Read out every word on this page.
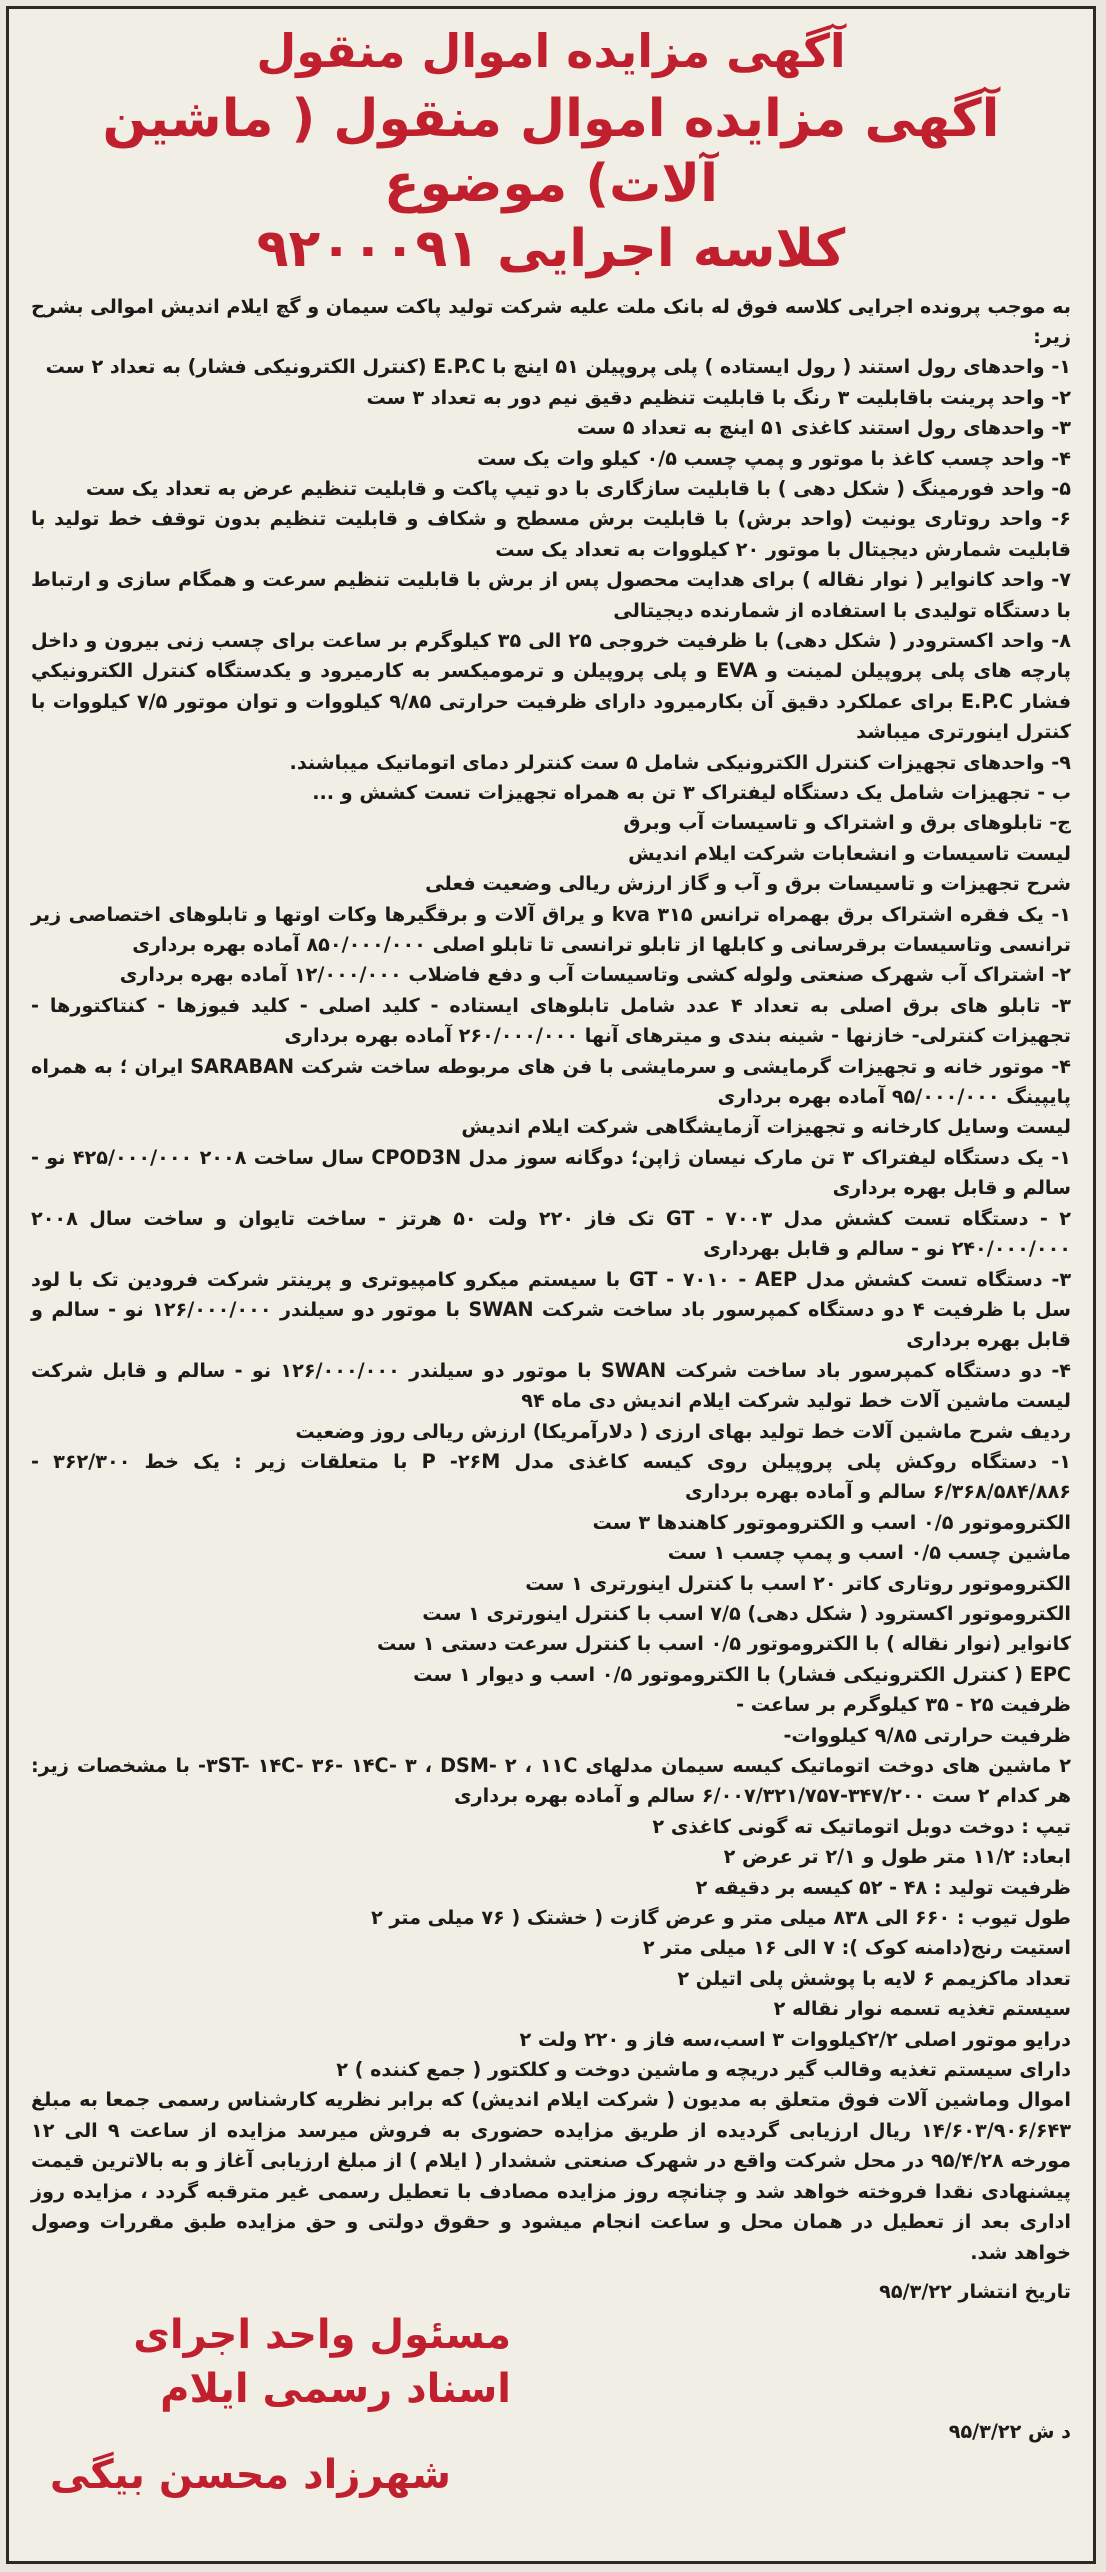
آگهی مزایده اموال منقول
آگهی مزایده اموال منقول ( ماشین آلات) موضوع
کلاسه اجرایی ۹۲۰۰۰۹۱

به موجب پرونده اجرایی کلاسه فوق له بانک ملت علیه شرکت تولید پاکت سیمان و گچ ایلام اندیش اموالی بشرح زیر:

۱- واحدهای رول استند ( رول ایستاده ) پلی پروپیلن ۵۱ اینچ با E.P.C (کنترل الکترونیکی فشار) به تعداد ۲ ست

۲- واحد پرینت باقابلیت ۳ رنگ با قابلیت تنظیم دقیق نیم دور به تعداد ۳ ست

۳- واحدهای رول استند کاغذی ۵۱ اینچ به تعداد ۵ ست

۴- واحد چسب کاغذ با موتور و پمپ چسب ۰/۵ کیلو وات یک ست

۵- واحد فورمینگ ( شکل دهی ) با قابلیت سازگاری با دو تیپ پاکت و قابلیت تنظیم عرض به تعداد یک ست

۶- واحد روتاری یونیت (واحد برش) با قابلیت برش مسطح و شکاف و قابلیت تنظیم بدون توقف خط تولید با قابلیت شمارش دیجیتال با موتور ۲۰ کیلووات به تعداد یک ست

۷- واحد کانوایر ( نوار نقاله ) برای هدایت محصول پس از برش با قابلیت تنظیم سرعت و همگام سازی و ارتباط با دستگاه تولیدی با استفاده از شمارنده دیجیتالی

۸- واحد اکسترودر ( شکل دهی) با ظرفیت خروجی ۲۵ الی ۳۵ کیلوگرم بر ساعت برای چسب زنی بیرون و داخل پارچه های پلی پروپیلن لمینت و EVA و پلی پروپیلن و ترموميكسر به كارميرود و يكدستگاه كنترل الكترونيكي فشار E.P.C برای عملکرد دقیق آن بکارمیرود دارای ظرفیت حرارتی ۹/۸۵ کیلووات و توان موتور ۷/۵ کیلووات با کنترل اینورتری میباشد

۹- واحدهای تجهیزات کنترل الکترونیکی شامل ۵ ست کنترلر دمای اتوماتیک میباشند.

ب - تجهیزات شامل یک دستگاه لیفتراک ۳ تن به همراه تجهیزات تست کشش و ...

ج- تابلوهای برق و اشتراک و تاسیسات آب وبرق

لیست تاسیسات و انشعابات شرکت ایلام اندیش

شرح تجهیزات و تاسیسات برق و آب و گاز ارزش ریالی وضعیت فعلی

۱- یک فقره اشتراک برق بهمراه ترانس kva ۳۱۵ و یراق آلات و برقگیرها وکات اوتها و تابلوهای اختصاصی زیر ترانسی وتاسیسات برقرسانی و کابلها از تابلو ترانسی تا تابلو اصلی ۸۵۰/۰۰۰/۰۰۰ آماده بهره برداری

۲- اشتراک آب شهرک صنعتی ولوله کشی وتاسیسات آب و دفع فاضلاب ۱۲/۰۰۰/۰۰۰ آماده بهره برداری

۳- تابلو های برق اصلی به تعداد ۴ عدد شامل تابلوهای ایستاده - کلید اصلی - کلید فیوزها - کنتاکتورها - تجهیزات کنترلی- خازنها - شینه بندی و میترهای آنها ۲۶۰/۰۰۰/۰۰۰ آماده بهره برداری

۴- موتور خانه و تجهیزات گرمایشی و سرمایشی با فن های مربوطه ساخت شرکت SARABAN ایران ؛ به همراه پایپینگ ۹۵/۰۰۰/۰۰۰ آماده بهره برداری

لیست وسایل کارخانه و تجهیزات آزمایشگاهی شرکت ایلام اندیش

۱- یک دستگاه لیفتراک ۳ تن مارک نیسان ژاپن؛ دوگانه سوز مدل CPOD3N سال ساخت ۲۰۰۸ ۴۲۵/۰۰۰/۰۰۰ نو - سالم و قابل بهره برداری

۲ - دستگاه تست کشش مدل GT - ۷۰۰۳ تک فاز ۲۲۰ ولت ۵۰ هرتز - ساخت تایوان و ساخت سال ۲۰۰۸ ۲۴۰/۰۰۰/۰۰۰ نو - سالم و قابل بهرداری

۳- دستگاه تست کشش مدل GT - ۷۰۱۰ - AEP با سیستم میکرو کامپیوتری و پرینتر شرکت فرودین تک با لود سل با ظرفیت ۴ دو دستگاه کمپرسور باد ساخت شرکت SWAN با موتور دو سیلندر ۱۲۶/۰۰۰/۰۰۰ نو - سالم و قابل بهره برداری

۴- دو دستگاه کمپرسور باد ساخت شرکت SWAN با موتور دو سیلندر ۱۲۶/۰۰۰/۰۰۰ نو - سالم و قابل شرکت لیست ماشین آلات خط تولید شرکت ایلام اندیش دی ماه ۹۴

ردیف شرح ماشین آلات خط تولید بهای ارزی ( دلارآمریکا) ارزش ریالی روز وضعیت

۱- دستگاه روکش پلی پروپیلن روی کیسه کاغذی مدل P -۲۶M با متعلقات زیر : یک خط ۳۶۲/۳۰۰ - ۶/۳۶۸/۵۸۴/۸۸۶ سالم و آماده بهره برداری

الکتروموتور ۰/۵ اسب و الکتروموتور کاهندها ۳ ست

ماشین چسب ۰/۵ اسب و پمپ چسب ۱ ست

الکتروموتور روتاری کاتر ۲۰ اسب با کنترل اینورتری ۱ ست

الکتروموتور اکسترود ( شکل دهی) ۷/۵ اسب با کنترل اینورتری ۱ ست

کانوایر (نوار نقاله ) با الکتروموتور ۰/۵ اسب با کنترل سرعت دستی ۱ ست

EPC ( کنترل الکترونیکی فشار) با الکتروموتور ۰/۵ اسب و دیوار ۱ ست

ظرفیت ۲۵ - ۳۵ کیلوگرم بر ساعت -

ظرفیت حرارتی ۹/۸۵ کیلووات-

۲ ماشین های دوخت اتوماتیک کیسه سیمان مدلهای ۳ST- ۱۴C- ۳۶- ۱۴C- ۳ ، DSM- ۲ ، ۱۱C- با مشخصات زیر: هر کدام ۲ ست ۳۴۷/۲۰۰-۶/۰۰۷/۳۲۱/۷۵۷ سالم و آماده بهره برداری

تیپ : دوخت دوبل اتوماتیک ته گونی کاغذی ۲

ابعاد: ۱۱/۲ متر طول و ۲/۱ تر عرض ۲

ظرفیت تولید : ۴۸ - ۵۲ کیسه بر دقیقه ۲

طول تیوب : ۶۶۰ الی ۸۳۸ میلی متر و عرض گازت ( خشتک ( ۷۶ میلی متر ۲

استیت رنج(دامنه کوک ): ۷ الی ۱۶ میلی متر ۲

تعداد ماکزیمم ۶ لایه با پوشش پلی اتیلن ۲

سیستم تغذیه تسمه نوار نقاله ۲

درایو موتور اصلی ۲/۲کیلووات ۳ اسب،سه فاز و ۲۲۰ ولت ۲

دارای سیستم تغذیه وقالب گیر دریچه و ماشین دوخت و کلکتور ( جمع کننده ) ۲

اموال وماشین آلات فوق متعلق به مدیون ( شرکت ایلام اندیش) که برابر نظریه کارشناس رسمی جمعا به مبلغ ۱۴/۶۰۳/۹۰۶/۶۴۳ ریال ارزیابی گردیده از طریق مزایده حضوری به فروش میرسد مزایده از ساعت ۹ الی ۱۲ مورخه ۹۵/۴/۲۸ در محل شرکت واقع در شهرک صنعتی ششدار ( ایلام ) از مبلغ ارزیابی آغاز و به بالاترین قیمت پیشنهادی نقدا فروخته خواهد شد و چنانچه روز مزایده مصادف با تعطیل رسمی غیر مترقبه گردد ، مزایده روز اداری بعد از تعطیل در همان محل و ساعت انجام میشود و حقوق دولتی و حق مزایده طبق مقررات وصول خواهد شد.

تاریخ انتشار ۹۵/۳/۲۲
مسئول واحد اجرای اسناد رسمی ایلام
د ش ۹۵/۳/۲۲
شهرزاد محسن بیگی
